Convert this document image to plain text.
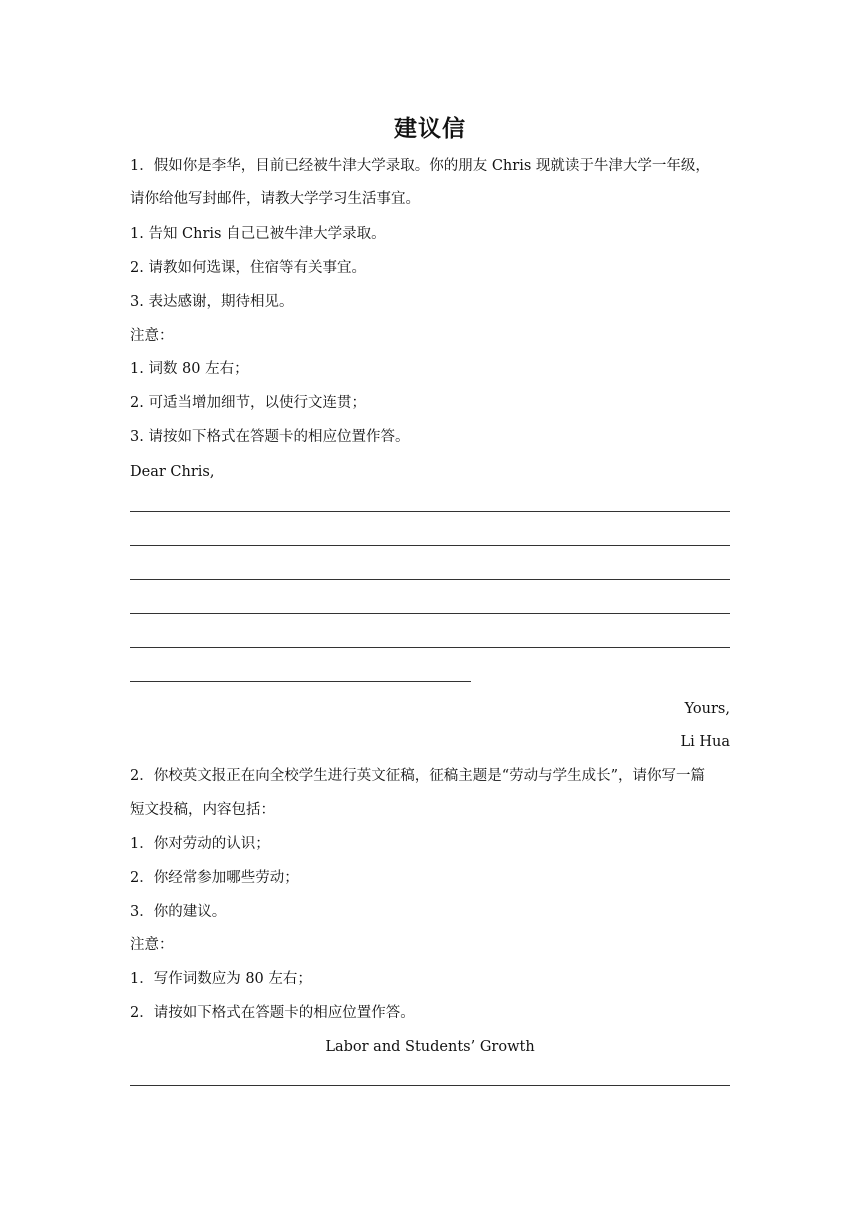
建议信
1．假如你是李华，目前已经被牛津大学录取。你的朋友 Chris 现就读于牛津大学一年级，
请你给他写封邮件，请教大学学习生活事宜。
1. 告知 Chris 自己已被牛津大学录取。
2. 请教如何选课，住宿等有关事宜。
3. 表达感谢，期待相见。
注意：
1. 词数 80 左右；
2. 可适当增加细节，以使行文连贯；
3. 请按如下格式在答题卡的相应位置作答。
Dear Chris,
Yours,
Li Hua
2．你校英文报正在向全校学生进行英文征稿，征稿主题是“劳动与学生成长”，请你写一篇
短文投稿，内容包括：
1．你对劳动的认识；
2．你经常参加哪些劳动；
3．你的建议。
注意：
1．写作词数应为 80 左右；
2．请按如下格式在答题卡的相应位置作答。
Labor and Students’ Growth
